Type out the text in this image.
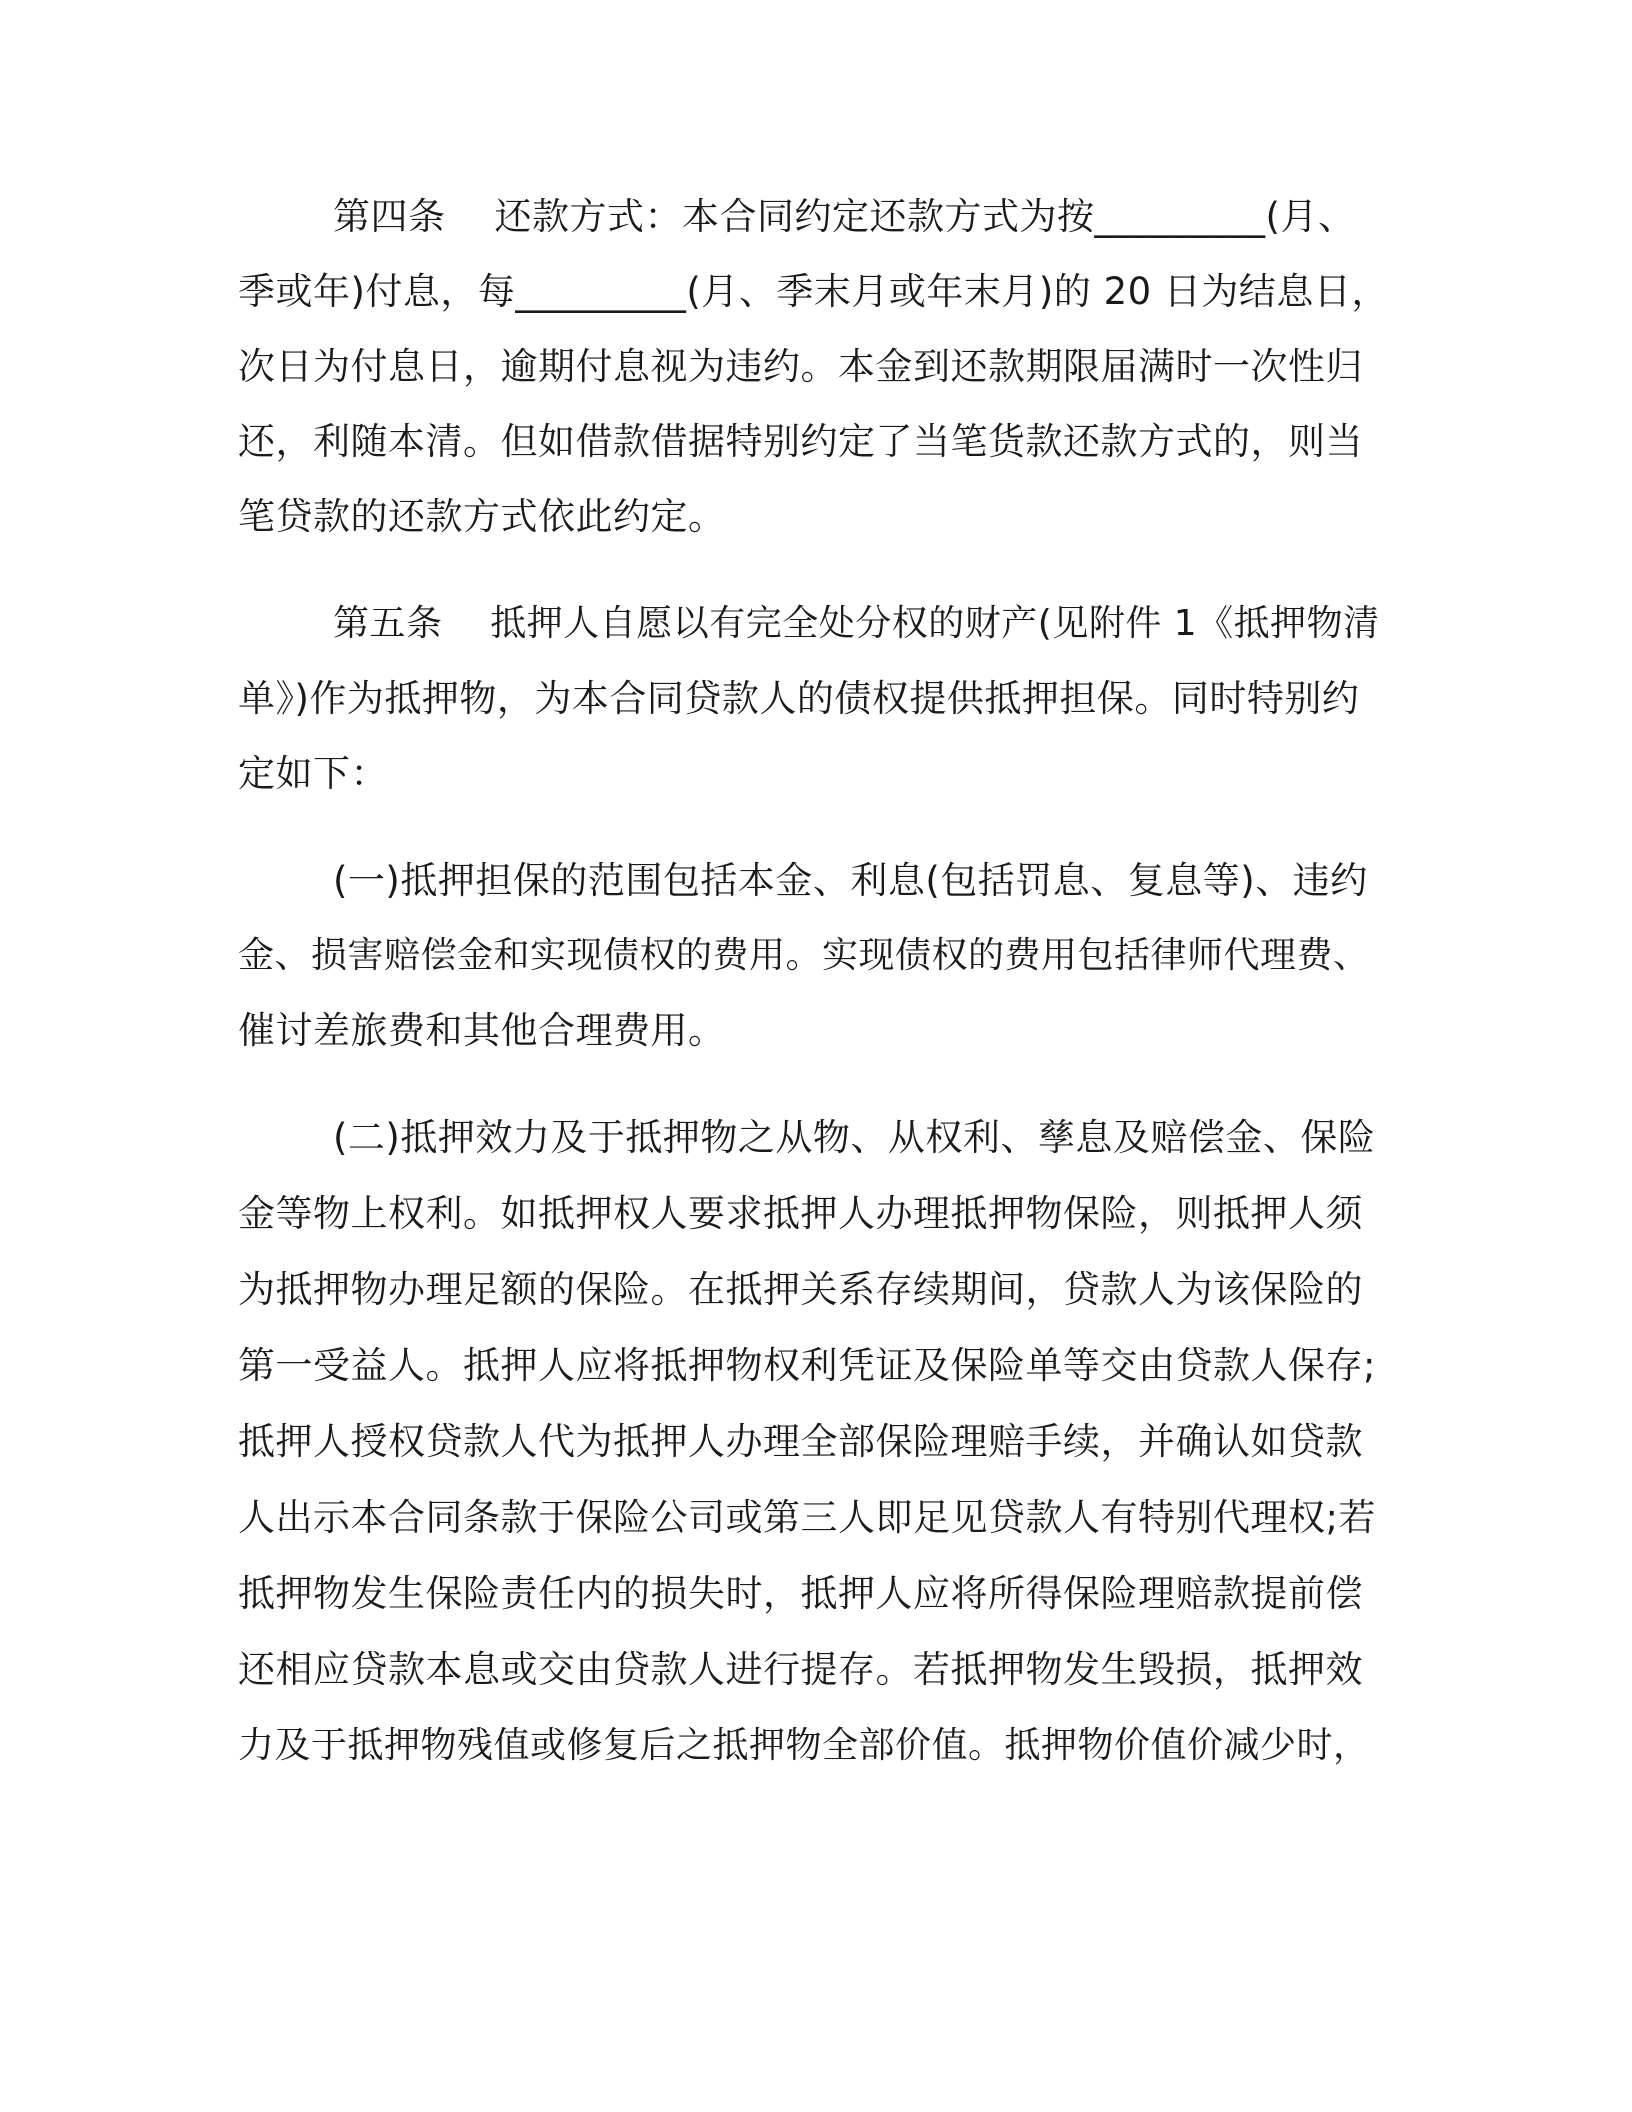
第四条    还款方式：本合同约定还款方式为按_________(月、
季或年)付息，每_________(月、季末月或年末月)的 20 日为结息日，
次日为付息日，逾期付息视为违约。本金到还款期限届满时一次性归
还，利随本清。但如借款借据特别约定了当笔货款还款方式的，则当
笔贷款的还款方式依此约定。
第五条    抵押人自愿以有完全处分权的财产(见附件 1《抵押物清
单》)作为抵押物，为本合同贷款人的债权提供抵押担保。同时特别约
定如下：
(一)抵押担保的范围包括本金、利息(包括罚息、复息等)、违约
金、损害赔偿金和实现债权的费用。实现债权的费用包括律师代理费、
催讨差旅费和其他合理费用。
(二)抵押效力及于抵押物之从物、从权利、孳息及赔偿金、保险
金等物上权利。如抵押权人要求抵押人办理抵押物保险，则抵押人须
为抵押物办理足额的保险。在抵押关系存续期间，贷款人为该保险的
第一受益人。抵押人应将抵押物权利凭证及保险单等交由贷款人保存;
抵押人授权贷款人代为抵押人办理全部保险理赔手续，并确认如贷款
人出示本合同条款于保险公司或第三人即足见贷款人有特别代理权;若
抵押物发生保险责任内的损失时，抵押人应将所得保险理赔款提前偿
还相应贷款本息或交由贷款人进行提存。若抵押物发生毁损，抵押效
力及于抵押物残值或修复后之抵押物全部价值。抵押物价值价减少时，
